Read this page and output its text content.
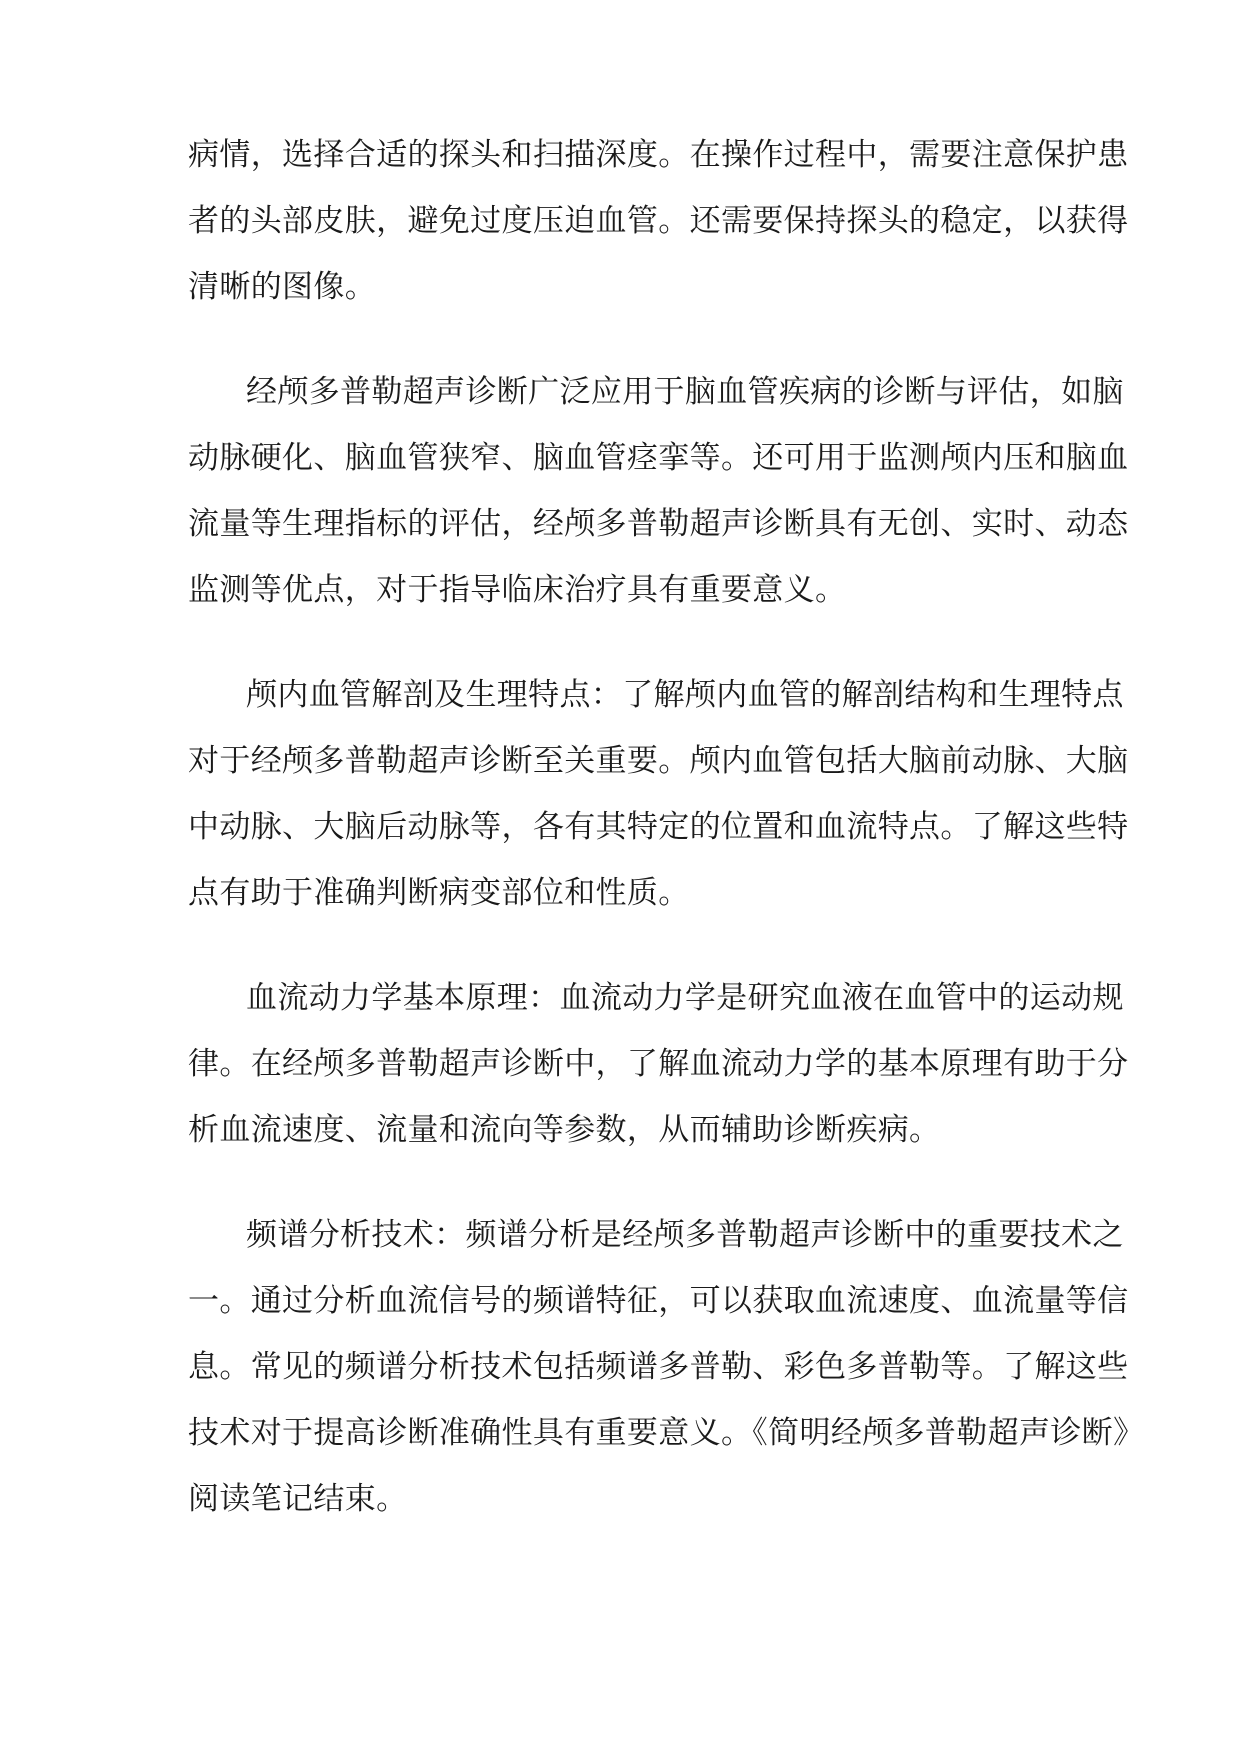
病情，选择合适的探头和扫描深度。在操作过程中，需要注意保护患

者的头部皮肤，避免过度压迫血管。还需要保持探头的稳定，以获得

清晰的图像。

经颅多普勒超声诊断广泛应用于脑血管疾病的诊断与评估，如脑

动脉硬化、脑血管狭窄、脑血管痉挛等。还可用于监测颅内压和脑血

流量等生理指标的评估，经颅多普勒超声诊断具有无创、实时、动态

监测等优点，对于指导临床治疗具有重要意义。

颅内血管解剖及生理特点：了解颅内血管的解剖结构和生理特点

对于经颅多普勒超声诊断至关重要。颅内血管包括大脑前动脉、大脑

中动脉、大脑后动脉等，各有其特定的位置和血流特点。了解这些特

点有助于准确判断病变部位和性质。

血流动力学基本原理：血流动力学是研究血液在血管中的运动规

律。在经颅多普勒超声诊断中，了解血流动力学的基本原理有助于分

析血流速度、流量和流向等参数，从而辅助诊断疾病。

频谱分析技术：频谱分析是经颅多普勒超声诊断中的重要技术之

一。通过分析血流信号的频谱特征，可以获取血流速度、血流量等信

息。常见的频谱分析技术包括频谱多普勒、彩色多普勒等。了解这些

技术对于提高诊断准确性具有重要意义。《简明经颅多普勒超声诊断》

阅读笔记结束。
